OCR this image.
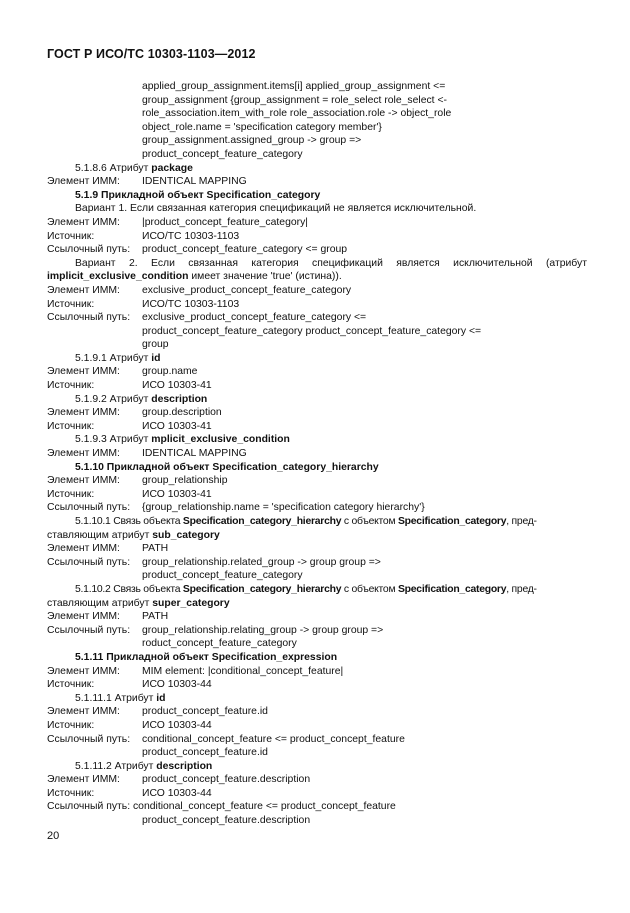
ГОСТ Р ИСО/ТС 10303-1103—2012
applied_group_assignment.items[i] applied_group_assignment <=
group_assignment {group_assignment = role_select role_select <-
role_association.item_with_role role_association.role -> object_role
object_role.name = 'specification category member'}
group_assignment.assigned_group -> group =>
product_concept_feature_category
5.1.8.6 Атрибут package
Элемент ИММ: IDENTICAL MAPPING
5.1.9 Прикладной объект Specification_category
Вариант 1. Если связанная категория спецификаций не является исключительной.
Элемент ИММ: |product_concept_feature_category|
Источник:	ИСО/ТС 10303-1103
Ссылочный путь: product_concept_feature_category <= group
Вариант 2. Если связанная категория спецификаций является исключительной (атрибут
implicit_exclusive_condition имеет значение 'true' (истина)).
Элемент ИММ: exclusive_product_concept_feature_category
Источник:	ИСО/ТС 10303-1103
Ссылочный путь: exclusive_product_concept_feature_category <=
product_concept_feature_category product_concept_feature_category <=
group
5.1.9.1 Атрибут id
Элемент ИММ: group.name
Источник:	ИСО 10303-41
5.1.9.2 Атрибут description
Элемент ИММ: group.description
Источник:	ИСО 10303-41
5.1.9.3 Атрибут mplicit_exclusive_condition
Элемент ИММ: IDENTICAL MAPPING
5.1.10 Прикладной объект Specification_category_hierarchy
Элемент ИММ: group_relationship
Источник:	ИСО 10303-41
Ссылочный путь: {group_relationship.name = 'specification category hierarchy'}
5.1.10.1 Связь объекта Specification_category_hierarchy с объектом Specification_category, пред-
ставляющим атрибут sub_category
Элемент ИММ: PATH
Ссылочный путь: group_relationship.related_group -> group group =>
product_concept_feature_category
5.1.10.2 Связь объекта Specification_category_hierarchy с объектом Specification_category, пред-
ставляющим атрибут super_category
Элемент ИММ: PATH
Ссылочный путь: group_relationship.relating_group -> group group =>
roduct_concept_feature_category
5.1.11 Прикладной объект Specification_expression
Элемент ИММ: MIM element: |conditional_concept_feature|
Источник:	ИСО 10303-44
5.1.11.1 Атрибут id
Элемент ИММ: product_concept_feature.id
Источник:	ИСО 10303-44
Ссылочный путь: conditional_concept_feature <= product_concept_feature
product_concept_feature.id
5.1.11.2 Атрибут description
Элемент ИММ: product_concept_feature.description
Источник:	ИСО 10303-44
Ссылочный путь: conditional_concept_feature <= product_concept_feature
product_concept_feature.description
20
